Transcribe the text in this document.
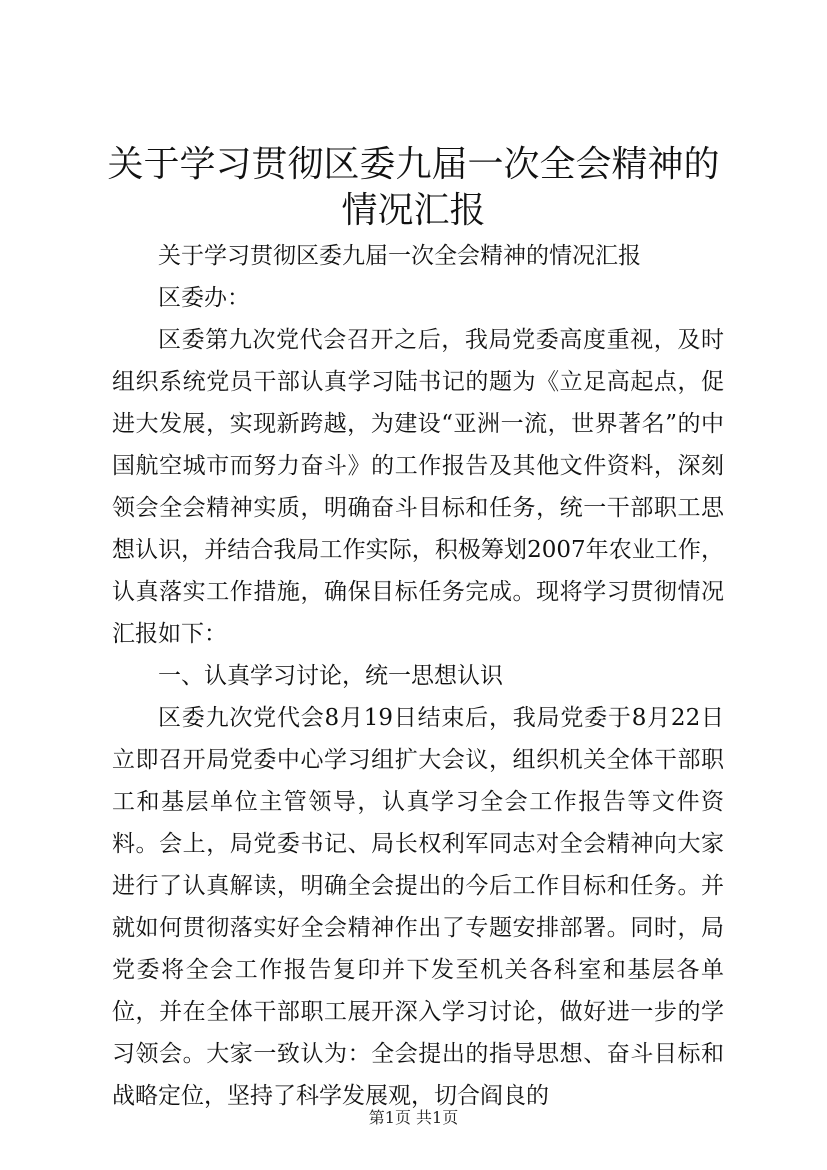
关于学习贯彻区委九届一次全会精神的情况汇报

关于学习贯彻区委九届一次全会精神的情况汇报

区委办：

区委第九次党代会召开之后，我局党委高度重视，及时组织系统党员干部认真学习陆书记的题为《立足高起点，促进大发展，实现新跨越，为建设“亚洲一流，世界著名”的中国航空城市而努力奋斗》的工作报告及其他文件资料，深刻领会全会精神实质，明确奋斗目标和任务，统一干部职工思想认识，并结合我局工作实际，积极筹划2007年农业工作，认真落实工作措施，确保目标任务完成。现将学习贯彻情况汇报如下：

一、认真学习讨论，统一思想认识

区委九次党代会8月19日结束后，我局党委于8月22日立即召开局党委中心学习组扩大会议，组织机关全体干部职工和基层单位主管领导，认真学习全会工作报告等文件资料。会上，局党委书记、局长权利军同志对全会精神向大家进行了认真解读，明确全会提出的今后工作目标和任务。并就如何贯彻落实好全会精神作出了专题安排部署。同时，局党委将全会工作报告复印并下发至机关各科室和基层各单位，并在全体干部职工展开深入学习讨论，做好进一步的学习领会。大家一致认为：全会提出的指导思想、奋斗目标和战略定位，坚持了科学发展观，切合阎良的

第1页 共1页
